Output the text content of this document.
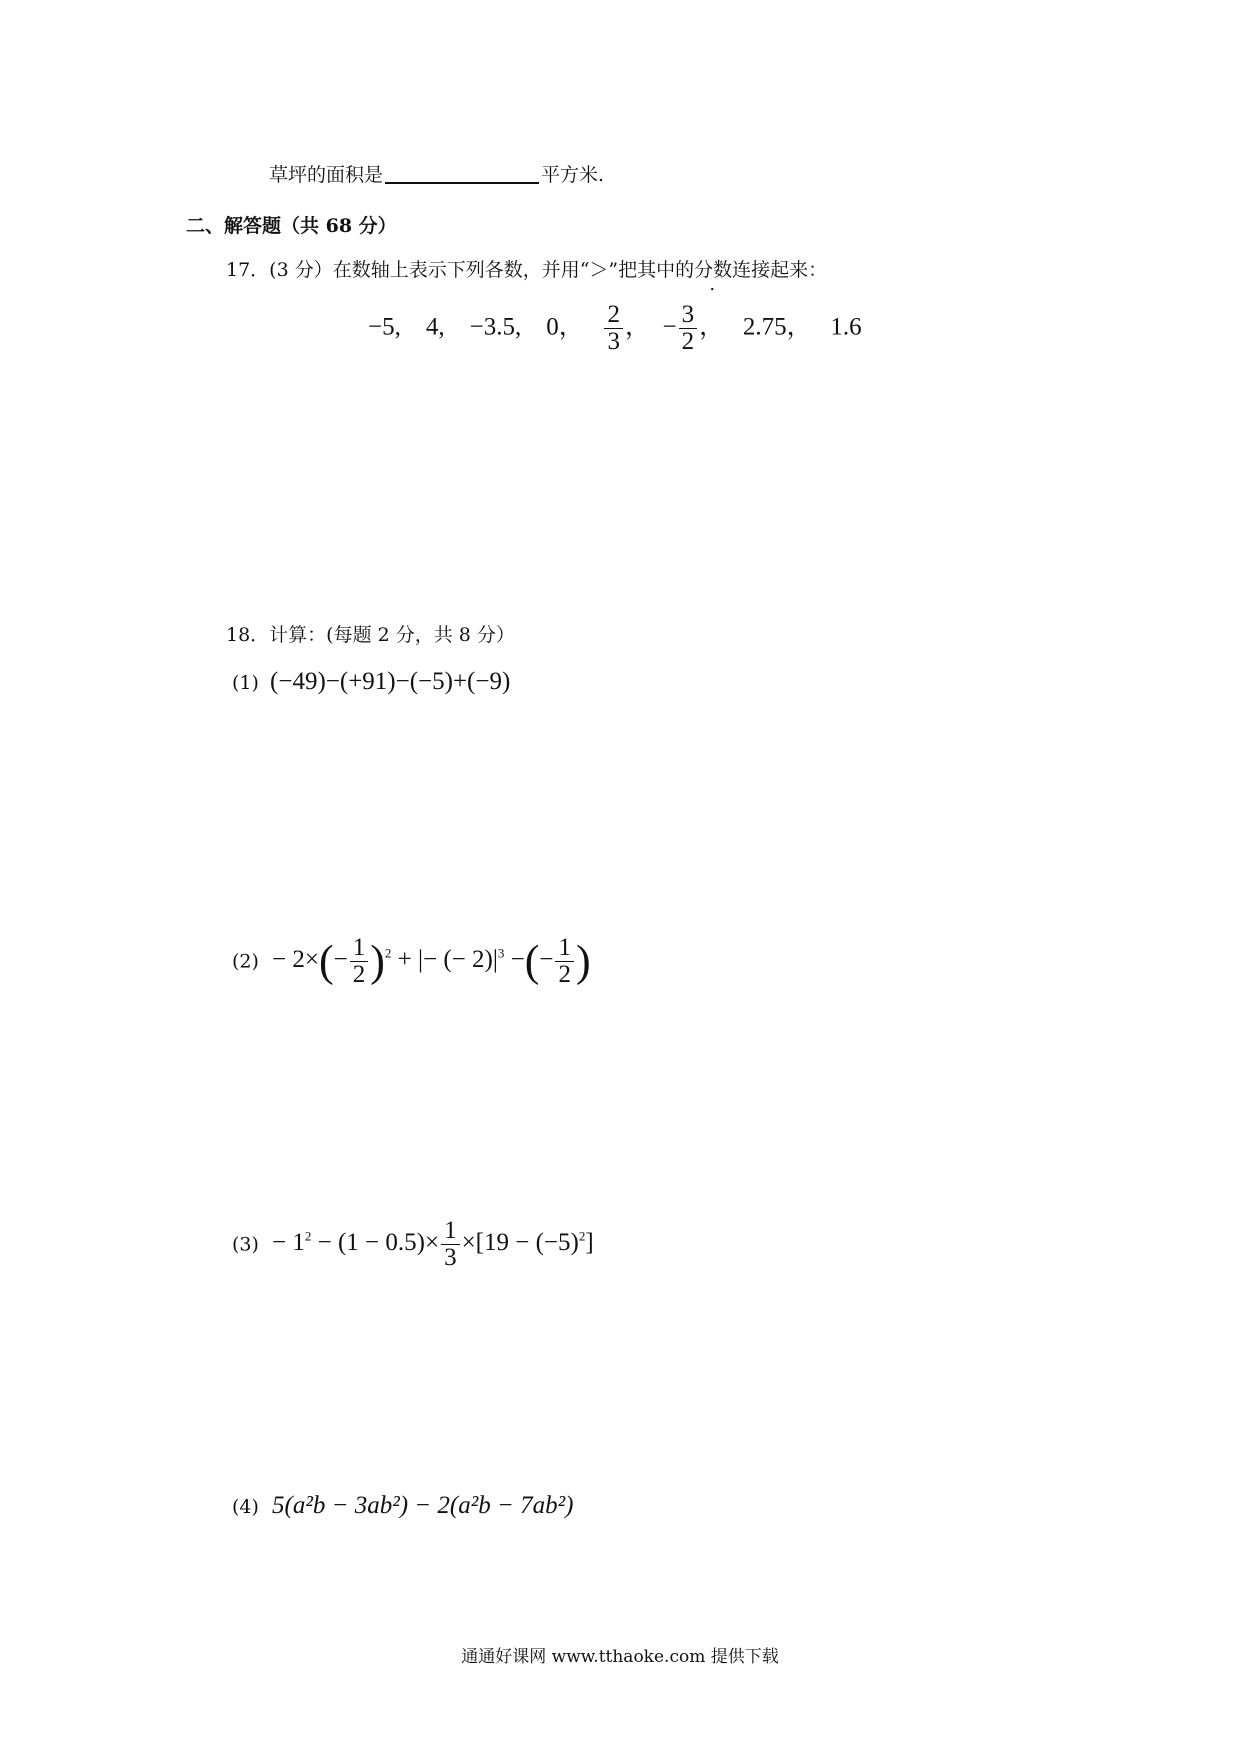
草坪的面积是	平方米.
二、解答题（共 68 分）
17．(3 分）在数轴上表示下列各数，并用“＞”把其中的分数连接起来：
−5, 4, −3.5, 0， $\frac{2}{3}$ ， − $\frac{3}{2}$ ， 2.75， 1.6
18．计算：(每题 2 分，共 8 分）
(1) (−49)−(+91)−(−5)+(−9)
$(2) - 2\times(- \frac{1}{2} )^2$ + |− (− $2)|^3$ −(− $\frac{1}{2}$ )
$(3) - 1^2 - (1 - 0.5)\times \frac{1}{3} \times[19 - (-5)^2]$
(4) 5(a²b − 3ab²) − 2(a²b − 7ab²)
通通好课网 www.tthaoke.com 提供下载
